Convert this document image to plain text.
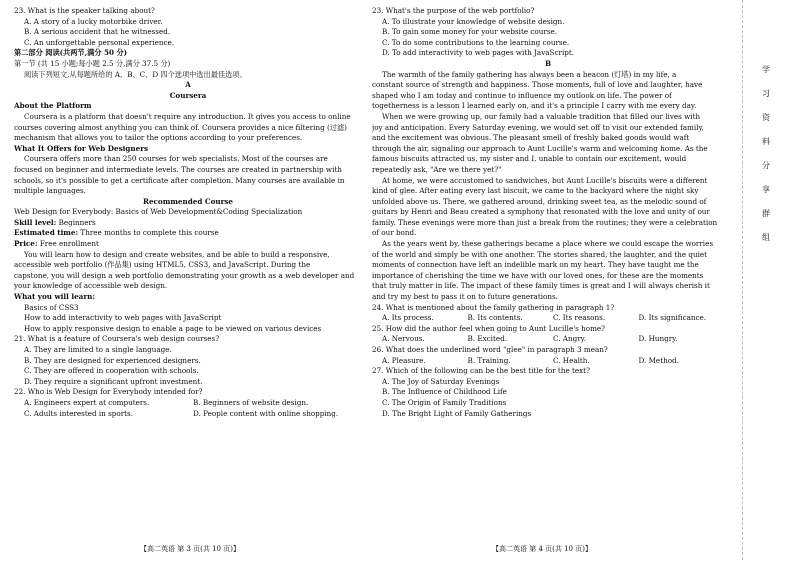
23. What is the speaker talking about?
A. A story of a lucky motorbike driver.
B. A serious accident that he witnessed.
C. An unforgettable personal experience.
第二部分 阅读(共两节,满分 50 分)
第一节 (共 15 小题;每小题 2.5 分,满分 37.5 分)
阅读下列短文,从每题所给的 A、B、C、D 四个选项中选出最佳选项。
A
Coursera
About the Platform
Coursera is a platform that doesn't require any introduction. It gives you access to online
courses covering almost anything you can think of. Coursera provides a nice filtering (过滤)
mechanism that allows you to tailor the options according to your preferences.
What It Offers for Web Designers
Coursera offers more than 250 courses for web specialists. Most of the courses are
focused on beginner and intermediate levels. The courses are created in partnership with
schools, so it's possible to get a certificate after completion. Many courses are available in
multiple languages.
Recommended Course
Web Design for Everybody: Basics of Web Development&Coding Specialization
Skill level: Beginners
Estimated time: Three months to complete this course
Price: Free enrollment
You will learn how to design and create websites, and be able to build a responsive,
accessible web portfolio (作品集) using HTML5, CSS3, and JavaScript. During the
capstone, you will design a web portfolio demonstrating your growth as a web developer and
your knowledge of accessible web design.
What you will learn:
Basics of CSS3
How to add interactivity to web pages with JavaScript
How to apply responsive design to enable a page to be viewed on various devices
21. What is a feature of Coursera's web design courses?
A. They are limited to a single language.
B. They are designed for experienced designers.
C. They are offered in cooperation with schools.
D. They require a significant upfront investment.
22. Who is Web Design for Everybody intended for?
A. Engineers expert at computers.	B. Beginners of website design.
C. Adults interested in sports.	D. People content with online shopping.
【高二英语 第 3 页(共 10 页)】
23. What's the purpose of the web portfolio?
A. To illustrate your knowledge of website design.
B. To gain some money for your website course.
C. To do some contributions to the learning course.
D. To add interactivity to web pages with JavaScript.
B
The warmth of the family gathering has always been a beacon (灯塔) in my life, a
constant source of strength and happiness. Those moments, full of love and laughter, have
shaped who I am today and continue to influence my outlook on life. The power of
togetherness is a lesson I learned early on, and it's a principle I carry with me every day.
When we were growing up, our family had a valuable tradition that filled our lives with
joy and anticipation. Every Saturday evening, we would set off to visit our extended family,
and the excitement was obvious. The pleasant smell of freshly baked goods would waft
through the air, signaling our approach to Aunt Lucille's warm and welcoming home. As the
famous biscuits attracted us, my sister and I, unable to contain our excitement, would
repeatedly ask, "Are we there yet?"
At home, we were accustomed to sandwiches, but Aunt Lucille's biscuits were a different
kind of glee. After eating every last biscuit, we came to the backyard where the night sky
unfolded above us. There, we gathered around, drinking sweet tea, as the melodic sound of
guitars by Henri and Beau created a symphony that resonated with the love and unity of our
family. These evenings were more than just a break from the routines; they were a celebration
of our bond.
As the years went by, these gatherings became a place where we could escape the worries
of the world and simply be with one another. The stories shared, the laughter, and the quiet
moments of connection have left an indelible mark on my heart. They have taught me the
importance of cherishing the time we have with our loved ones, for these are the moments
that truly matter in life. The impact of these family times is great and I will always cherish it
and try my best to pass it on to future generations.
24. What is mentioned about the family gathering in paragraph 1?
A. Its process.	B. Its contents.	C. Its reasons.	D. Its significance.
25. How did the author feel when going to Aunt Lucille's home?
A. Nervous.	B. Excited.	C. Angry.	D. Hungry.
26. What does the underlined word "glee" in paragraph 3 mean?
A. Pleasure.	B. Training.	C. Health.	D. Method.
27. Which of the following can be the best title for the text?
A. The Joy of Saturday Evenings
B. The Influence of Childhood Life
C. The Origin of Family Traditions
D. The Bright Light of Family Gatherings
【高二英语 第 4 页(共 10 页)】
学
习
资
料
分
享
群
组
